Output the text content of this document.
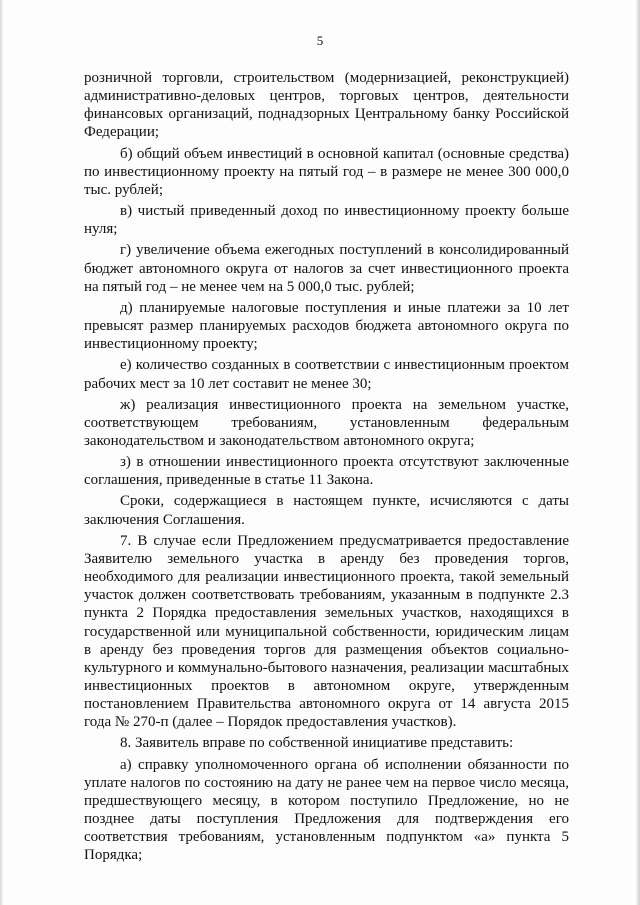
5

розничной торговли, строительством (модернизацией, реконструкцией) административно-деловых центров, торговых центров, деятельности финансовых организаций, поднадзорных Центральному банку Российской Федерации;

б) общий объем инвестиций в основной капитал (основные средства) по инвестиционному проекту на пятый год – в размере не менее 300 000,0 тыс. рублей;

в) чистый приведенный доход по инвестиционному проекту больше нуля;

г) увеличение объема ежегодных поступлений в консолидированный бюджет автономного округа от налогов за счет инвестиционного проекта на пятый год – не менее чем на 5 000,0 тыс. рублей;

д) планируемые налоговые поступления и иные платежи за 10 лет превысят размер планируемых расходов бюджета автономного округа по инвестиционному проекту;

е) количество созданных в соответствии с инвестиционным проектом рабочих мест за 10 лет составит не менее 30;

ж) реализация инвестиционного проекта на земельном участке, соответствующем требованиям, установленным федеральным законодательством и законодательством автономного округа;

з) в отношении инвестиционного проекта отсутствуют заключенные соглашения, приведенные в статье 11 Закона.

Сроки, содержащиеся в настоящем пункте, исчисляются с даты заключения Соглашения.

7. В случае если Предложением предусматривается предоставление Заявителю земельного участка в аренду без проведения торгов, необходимого для реализации инвестиционного проекта, такой земельный участок должен соответствовать требованиям, указанным в подпункте 2.3 пункта 2 Порядка предоставления земельных участков, находящихся в государственной или муниципальной собственности, юридическим лицам в аренду без проведения торгов для размещения объектов социально-культурного и коммунально-бытового назначения, реализации масштабных инвестиционных проектов в автономном округе, утвержденным постановлением Правительства автономного округа от 14 августа 2015 года № 270-п (далее – Порядок предоставления участков).

8. Заявитель вправе по собственной инициативе представить:

а) справку уполномоченного органа об исполнении обязанности по уплате налогов по состоянию на дату не ранее чем на первое число месяца, предшествующего месяцу, в котором поступило Предложение, но не позднее даты поступления Предложения для подтверждения его соответствия требованиям, установленным подпунктом «а» пункта 5 Порядка;
